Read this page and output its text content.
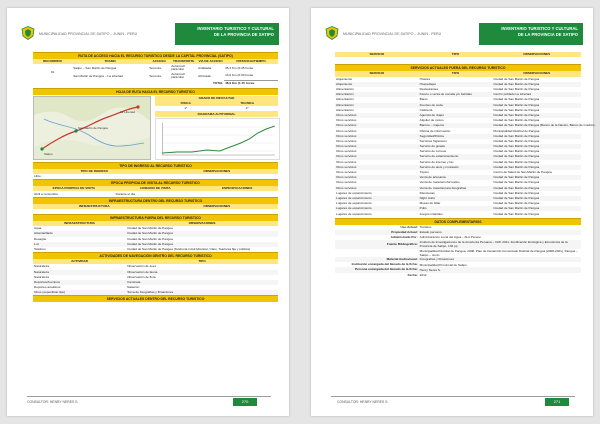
MUNICIPALIDAD PROVINCIAL DE SATIPO – JUNIN - PERU
INVENTARIO TURISTICO Y CULTURAL
DE LA PROVINCIA DE SATIPO
RUTA DE ACCESO HACIA EL RECURSO TURISTICO DESDE LA CAPITAL PROVINCIAL (SATIPO)
RECORRIDO	TRAMO	ACCESO	TRANSPORTE	VIA DE ACCESO	DISTANCIA/TIEMPO
01	Satipo – San Martin de Pangoa	Terrestre	Automóvil particular	Asfaltada	35,3 Km (0:45 horas
	San Martin de Pangoa – La Libertad	Terrestre	Automóvil particular	Afirmada	13,6 Km (0:30 horas
TOTAL					48,9 Km (1:15 horas
HOJA DE RUTA HACIA EL RECURSO TURISTICO
San Martin de Pangoa
La Libertad
Satipo
GRADO DE DIFICULTAD	
FISICA	TECNICA
1°	2°
DIAGRAMA ALTITUDINAL	
TIPO DE INGRESO AL RECURSO TURISTICO
TIPO DE INGRESO	OBSERVACIONES
Libre	
EPOCA PROPICIA DE VISITA AL RECURSO TURISTICO
EPOCA PROPICIA DE VISITA	HORARIO DE VISITA	ESPECIFICACIONES
Abril a noviembre	Durante el día	
INFRAESTRUCTURA DENTRO DEL RECURSO TURISTICO
INFRAESTRUCTURA	OBSERVACIONES

INFRAESTRUCTURA FUERA DEL RECURSO TURISTICO
INFRAESTRUCTURA	OBSERVACIONES
Agua	Ciudad de San Martin de Pangoa
Alcantarillado	Ciudad de San Martin de Pangoa
Desagüe	Ciudad de San Martin de Pangoa
Luz	Ciudad de San Martin de Pangoa
Teléfono	Ciudad de San Martin de Pangoa (Telefonía móvil Movistar, Claro, Telefonía fija y pública)
ACTIVIDADES DE NAVEGACIÓN DENTRO DEL RECURSO TURISTICO
ACTIVIDAD	TIPO
Naturaleza	Observación de aves
Naturaleza	Observación de fauna
Naturaleza	Observación de flora
Deportes/Aventura	Caminata
Deportes acuáticos	Natación
Otros (especificar tipo)	Toma de fotografías y filmaciones
SERVICIOS ACTUALES DENTRO DEL RECURSO TURISTICO
CONSULTOR: HENRY NERES S.	270
MUNICIPALIDAD PROVINCIAL DE SATIPO – JUNIN - PERU
INVENTARIO TURISTICO Y CULTURAL
DE LA PROVINCIA DE SATIPO
SERVICIO	TIPO	OBSERVACIONES

SERVICIOS ACTUALES FUERA DEL RECURSO TURISTICO
SERVICIO	TIPO	OBSERVACIONES
Alojamiento	Hoteles	Ciudad de San Martin de Pangoa
Alojamiento	Hospedajes	Ciudad de San Martin de Pangoa
Alimentación	Restaurantes	Ciudad de San Martin de Pangoa
Alimentación	Kiosco o venta de comida y/o bebidas	Centro poblado La Libertad
Alimentación	Bares	Ciudad de San Martin de Pangoa
Alimentación	Fuentes de soda	Ciudad de San Martin de Pangoa
Alimentación	Cafetería	Ciudad de San Martin de Pangoa
Otros servicios	Agencia de viajes	Ciudad de San Martin de Pangoa
Otros servicios	Alquiler de motos	Ciudad de San Martin de Pangoa
Otros servicios	Bancos – Cajeros	Ciudad de San Martin de Pangoa (Banco de la Nación, Banco de Crédito)
Otros servicios	Oficina de información	Municipalidad Distrital de Pangoa
Otros servicios	Seguridad/Policía	Ciudad de San Martin de Pangoa
Otros servicios	Servicios higiénicos	Ciudad de San Martin de Pangoa
Otros servicios	Servicio de guiado	Ciudad de San Martin de Pangoa
Otros servicios	Servicio de correos	Ciudad de San Martin de Pangoa
Otros servicios	Servicio de estacionamiento	Ciudad de San Martin de Pangoa
Otros servicios	Servicio de internet y fax	Ciudad de San Martin de Pangoa
Otros servicios	Servicio de taxis y mototaxis	Ciudad de San Martin de Pangoa
Otros servicios	Tópico	Centro de Salud de San Martin de Pangoa
Otros servicios	Venta de artesanía	Ciudad de San Martin de Pangoa
Otros servicios	Venta de material informativo	Ciudad de San Martin de Pangoa
Otros servicios	Venta de material para fotografías	Ciudad de San Martin de Pangoa
Lugares de esparcimiento	Discotecas	Ciudad de San Martin de Pangoa
Lugares de esparcimiento	Night clubs	Ciudad de San Martin de Pangoa
Lugares de esparcimiento	Mesas de billar	Ciudad de San Martin de Pangoa
Lugares de esparcimiento	Pubs	Ciudad de San Martin de Pangoa
Lugares de esparcimiento	Juegos infantiles	Ciudad de San Martin de Pangoa
DATOS COMPLEMENTARIOS
Uso Actual:	Turístico
Propiedad Actual:	Estado peruano
Administrado Por:	Administración Local del Agua – ALA Perené
Fuente Bibliográfica:	Instituto de Investigaciones de la Amazonía Peruana – IIAP. 2011. Zonificación Ecológica y Económica de la Provincia de Satipo, 136 pp.
	Municipalidad Distrital de Pangoa. 2008. Plan de Desarrollo Concertado Distrital de Pangoa (2008-2021), Pangoa – Satipo – Junín.
Material Audiovisual:	Fotografías y filmaciones
Institución encargada del llenado de la ficha:	Municipalidad Provincial de Satipo
Persona encargada del llenado de la ficha:	Henry Neres S.
Fecha:	2012
CONSULTOR: HENRY NERES S.	271
